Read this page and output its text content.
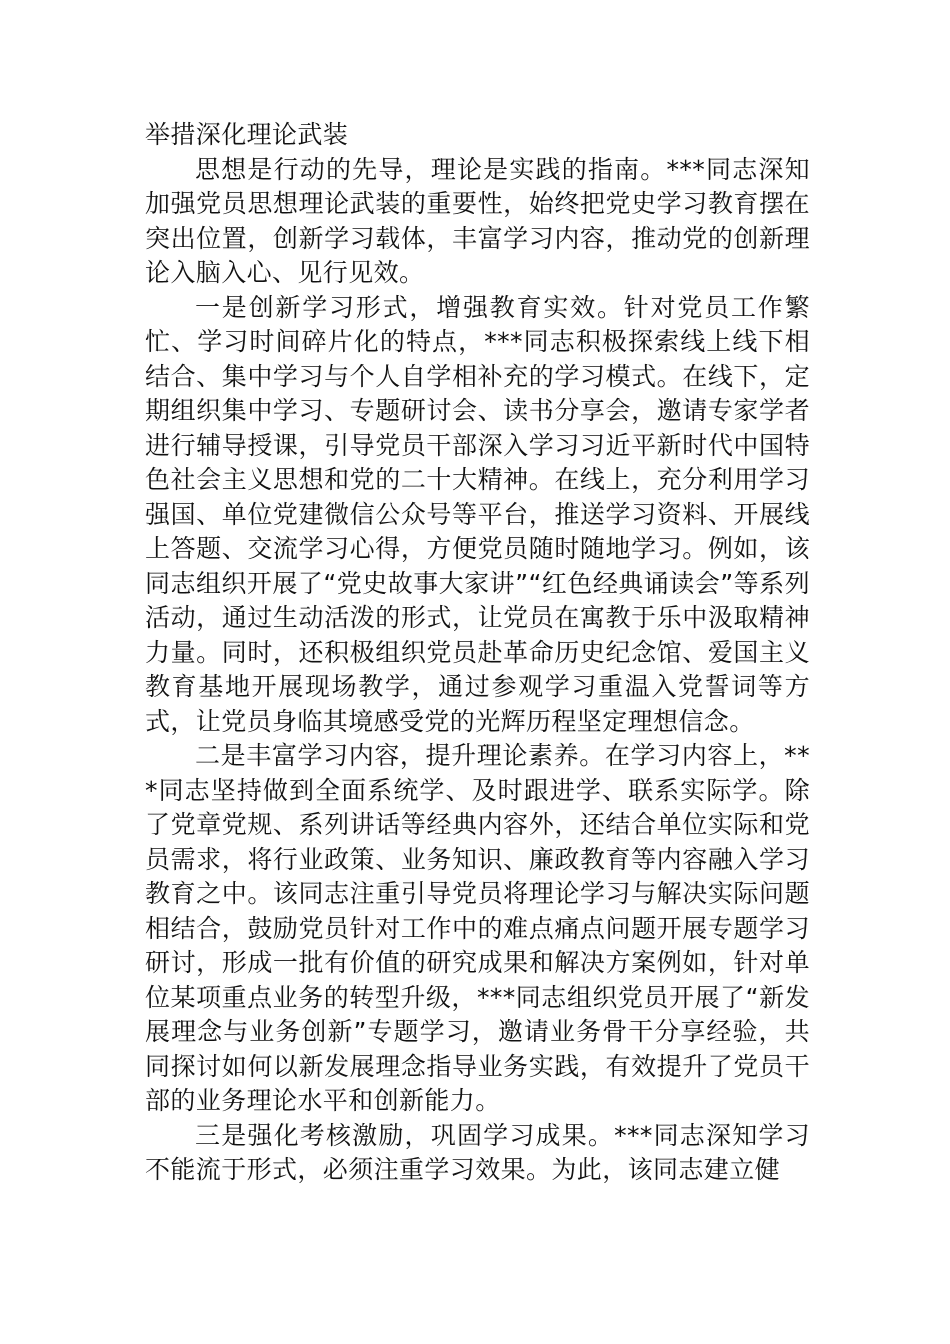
举措深化理论武装

思想是行动的先导，理论是实践的指南。***同志深知加强党员思想理论武装的重要性，始终把党史学习教育摆在突出位置，创新学习载体，丰富学习内容，推动党的创新理论入脑入心、见行见效。

一是创新学习形式，增强教育实效。针对党员工作繁忙、学习时间碎片化的特点，***同志积极探索线上线下相结合、集中学习与个人自学相补充的学习模式。在线下，定期组织集中学习、专题研讨会、读书分享会，邀请专家学者进行辅导授课，引导党员干部深入学习习近平新时代中国特色社会主义思想和党的二十大精神。在线上，充分利用学习强国、单位党建微信公众号等平台，推送学习资料、开展线上答题、交流学习心得，方便党员随时随地学习。例如，该同志组织开展了“党史故事大家讲”“红色经典诵读会”等系列活动，通过生动活泼的形式，让党员在寓教于乐中汲取精神力量。同时，还积极组织党员赴革命历史纪念馆、爱国主义教育基地开展现场教学，通过参观学习重温入党誓词等方式，让党员身临其境感受党的光辉历程坚定理想信念。

二是丰富学习内容，提升理论素养。在学习内容上，***同志坚持做到全面系统学、及时跟进学、联系实际学。除了党章党规、系列讲话等经典内容外，还结合单位实际和党员需求，将行业政策、业务知识、廉政教育等内容融入学习教育之中。该同志注重引导党员将理论学习与解决实际问题相结合，鼓励党员针对工作中的难点痛点问题开展专题学习研讨，形成一批有价值的研究成果和解决方案例如，针对单位某项重点业务的转型升级，***同志组织党员开展了“新发展理念与业务创新”专题学习，邀请业务骨干分享经验，共同探讨如何以新发展理念指导业务实践，有效提升了党员干部的业务理论水平和创新能力。

三是强化考核激励，巩固学习成果。***同志深知学习不能流于形式，必须注重学习效果。为此，该同志建立健
